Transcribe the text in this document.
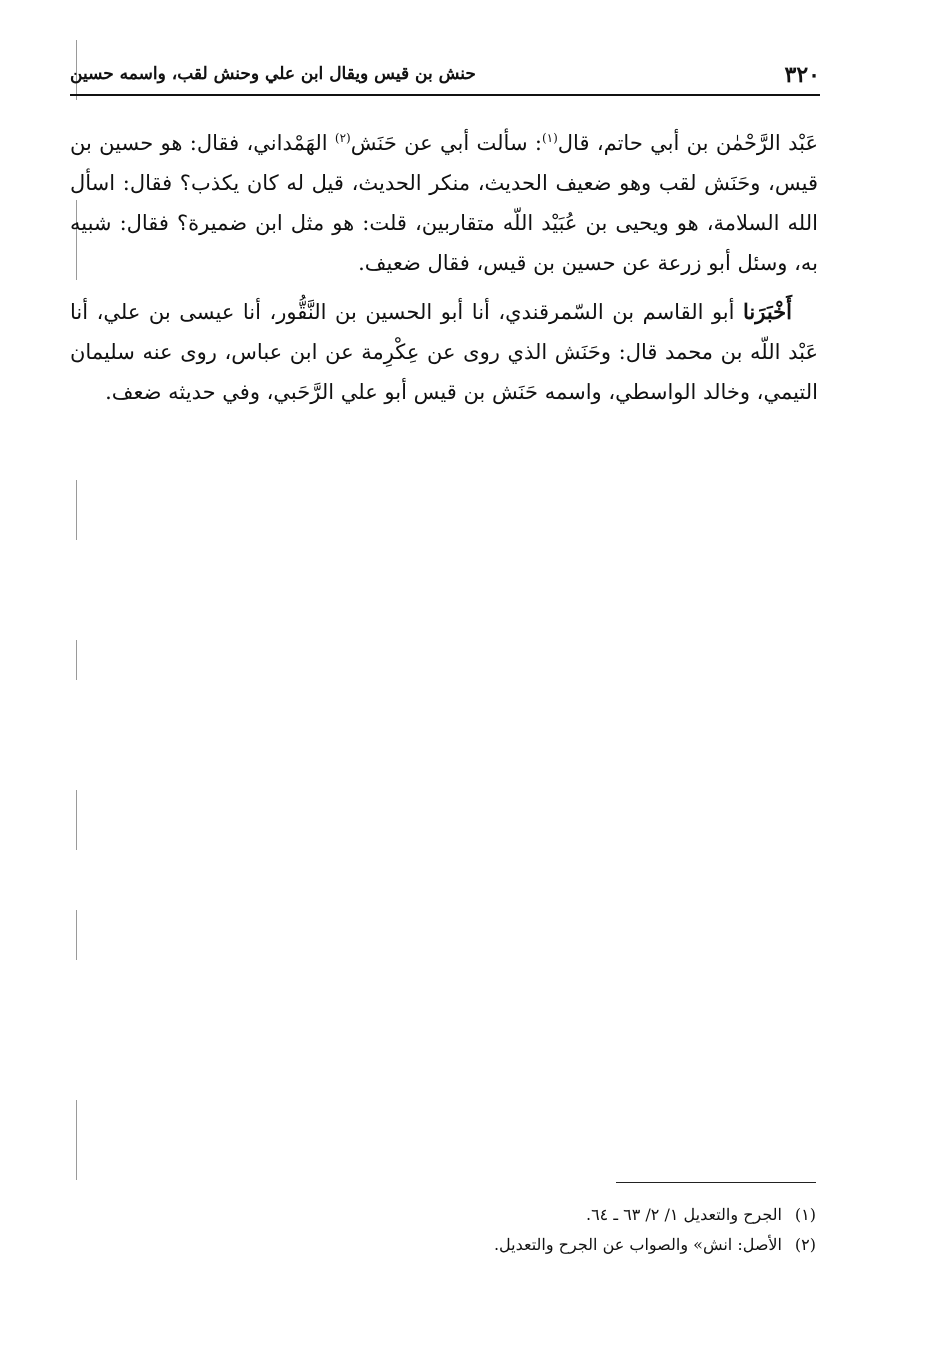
٣٢٠
حنش بن قيس ويقال ابن علي وحنش لقب، واسمه حسين

عَبْد الرَّحْمٰن بن أبي حاتم، قال$^{(١)}$: سألت أبي عن حَنَش$^{(٢)}$ الهَمْداني، فقال: هو حسين بن قيس، وحَنَش لقب وهو ضعيف الحديث، منكر الحديث، قيل له كان يكذب؟ فقال: اسأل الله السلامة، هو ويحيى بن عُبَيْد اللّه متقاربين، قلت: هو مثل ابن ضميرة؟ فقال: شبيه به، وسئل أبو زرعة عن حسين بن قيس، فقال ضعيف.

أَخْبَرَنا أبو القاسم بن السّمرقندي، أنا أبو الحسين بن النَّقُّور، أنا عيسى بن علي، أنا عَبْد اللّه بن محمد قال: وحَنَش الذي روى عن عِكْرِمة عن ابن عباس، روى عنه سليمان التيمي، وخالد الواسطي، واسمه حَنَش بن قيس أبو علي الرَّحَبي، وفي حديثه ضعف.

(١)الجرح والتعديل ١/ ٢/ ٦٣ ـ ٦٤.
(٢)الأصل: انش» والصواب عن الجرح والتعديل.
